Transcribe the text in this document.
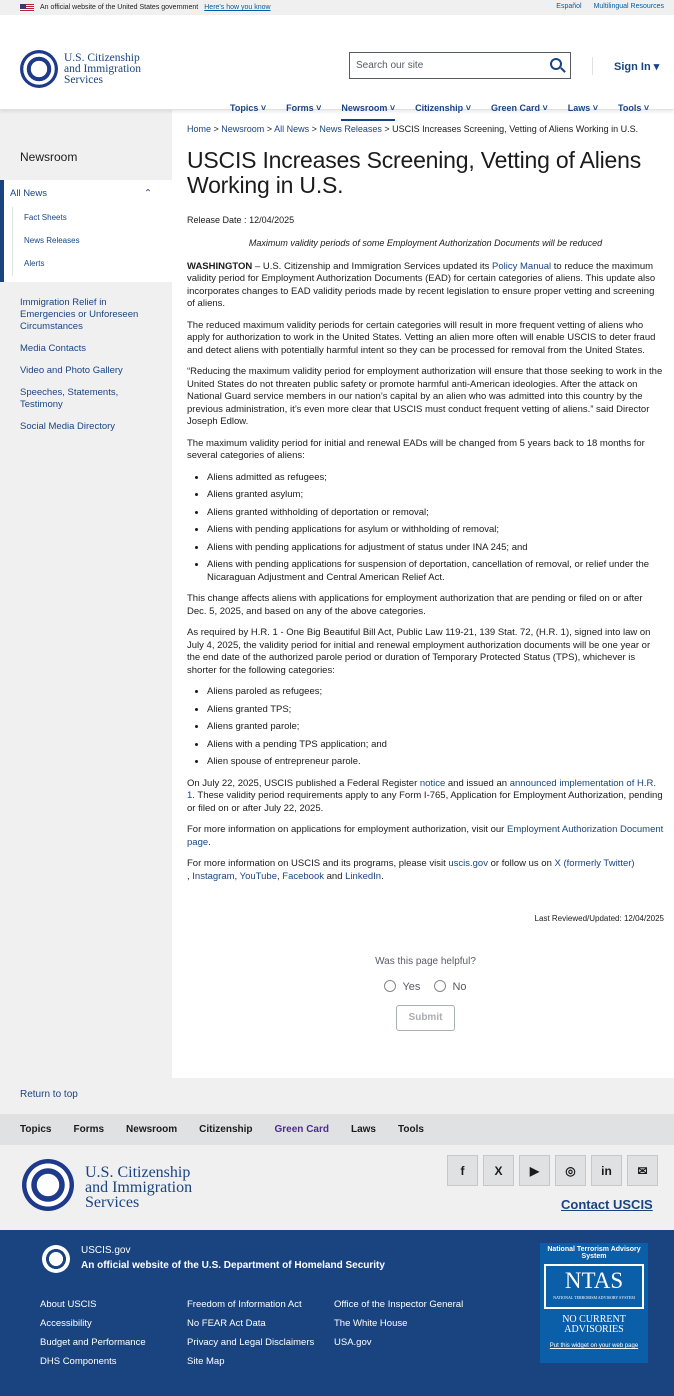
An official website of the United States government Here's how you know	Español Multilingual Resources
U.S. Citizenship
and Immigration
Services
Search our site	Sign In ▾
Topics ˅ Forms ˅ Newsroom ˅ Citizenship ˅ Green Card ˅ Laws ˅ Tools ˅
Newsroom
All News	⌃
Fact Sheets
News Releases
Alerts
Immigration Relief in Emergencies or Unforeseen Circumstances
Media Contacts
Video and Photo Gallery
Speeches, Statements, Testimony
Social Media Directory
Home > Newsroom > All News > News Releases > USCIS Increases Screening, Vetting of Aliens Working in U.S.
USCIS Increases Screening, Vetting of Aliens Working in U.S.
Release Date : 12/04/2025
Maximum validity periods of some Employment Authorization Documents will be reduced

WASHINGTON – U.S. Citizenship and Immigration Services updated its Policy Manual to reduce the maximum validity period for Employment Authorization Documents (EAD) for certain categories of aliens. This update also incorporates changes to EAD validity periods made by recent legislation to ensure proper vetting and screening of aliens.

The reduced maximum validity periods for certain categories will result in more frequent vetting of aliens who apply for authorization to work in the United States. Vetting an alien more often will enable USCIS to deter fraud and detect aliens with potentially harmful intent so they can be processed for removal from the United States.

“Reducing the maximum validity period for employment authorization will ensure that those seeking to work in the United States do not threaten public safety or promote harmful anti-American ideologies. After the attack on National Guard service members in our nation’s capital by an alien who was admitted into this country by the previous administration, it’s even more clear that USCIS must conduct frequent vetting of aliens.” said Director Joseph Edlow.

The maximum validity period for initial and renewal EADs will be changed from 5 years back to 18 months for several categories of aliens:

• Aliens admitted as refugees;
• Aliens granted asylum;
• Aliens granted withholding of deportation or removal;
• Aliens with pending applications for asylum or withholding of removal;
• Aliens with pending applications for adjustment of status under INA 245; and
• Aliens with pending applications for suspension of deportation, cancellation of removal, or relief under the Nicaraguan Adjustment and Central American Relief Act.

This change affects aliens with applications for employment authorization that are pending or filed on or after Dec. 5, 2025, and based on any of the above categories.

As required by H.R. 1 - One Big Beautiful Bill Act, Public Law 119-21, 139 Stat. 72, (H.R. 1), signed into law on July 4, 2025, the validity period for initial and renewal employment authorization documents will be one year or the end date of the authorized parole period or duration of Temporary Protected Status (TPS), whichever is shorter for the following categories:

• Aliens paroled as refugees;
• Aliens granted TPS;
• Aliens granted parole;
• Aliens with a pending TPS application; and
• Alien spouse of entrepreneur parole.

On July 22, 2025, USCIS published a Federal Register notice and issued an announced implementation of H.R. 1. These validity period requirements apply to any Form I-765, Application for Employment Authorization, pending or filed on or after July 22, 2025.

For more information on applications for employment authorization, visit our Employment Authorization Document page.

For more information on USCIS and its programs, please visit uscis.gov or follow us on X (formerly Twitter)
, Instagram, YouTube, Facebook and LinkedIn.

Last Reviewed/Updated: 12/04/2025
Was this page helpful?
Yes	No
Submit
Return to top
Topics Forms Newsroom Citizenship Green Card Laws Tools
U.S. Citizenship
and Immigration
Services
f	X	▶	◎	in	✉
Contact USCIS
USCIS.gov
An official website of the U.S. Department of Homeland Security
About USCIS	Freedom of Information Act	Office of the Inspector General
Accessibility	No FEAR Act Data	The White House
Budget and Performance	Privacy and Legal Disclaimers	USA.gov
DHS Components	Site Map
National Terrorism Advisory System
NTAS
NATIONAL TERRORISM ADVISORY SYSTEM
NO CURRENT ADVISORIES
Put this widget on your web page
